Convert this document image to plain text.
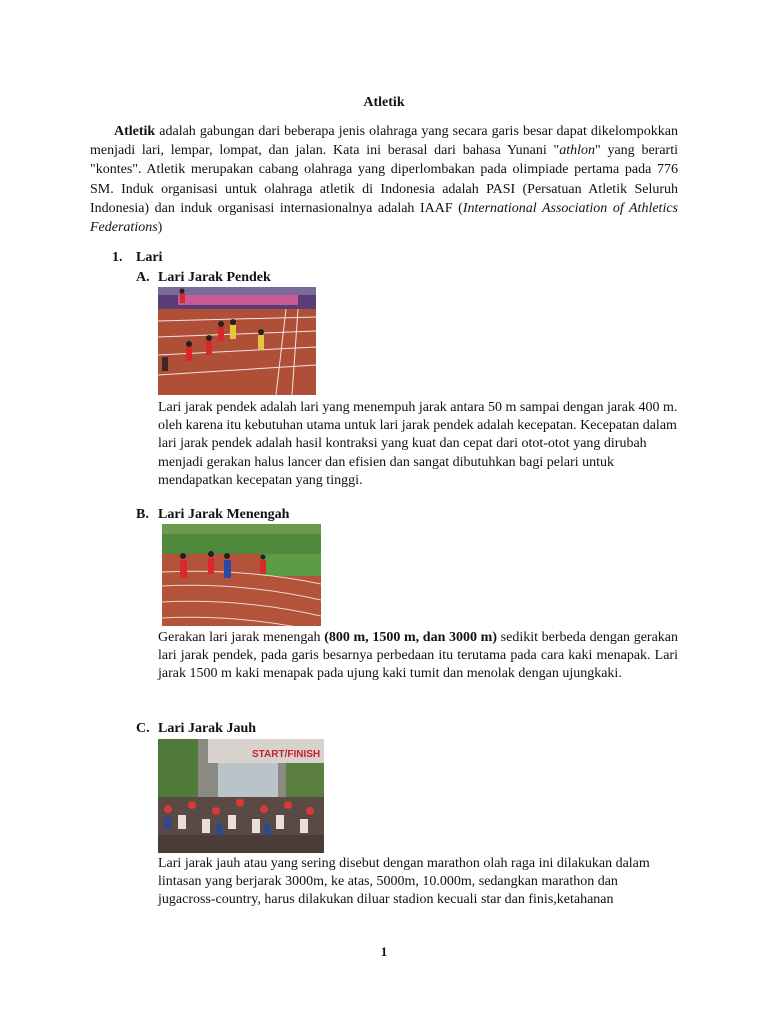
Atletik

Atletik adalah gabungan dari beberapa jenis olahraga yang secara garis besar dapat dikelompokkan menjadi lari, lempar, lompat, dan jalan. Kata ini berasal dari bahasa Yunani "athlon" yang berarti "kontes". Atletik merupakan cabang olahraga yang diperlombakan pada olimpiade pertama pada 776 SM. Induk organisasi untuk olahraga atletik di Indonesia adalah PASI (Persatuan Atletik Seluruh Indonesia) dan induk organisasi internasionalnya adalah IAAF (International Association of Athletics Federations)

1. Lari
A. Lari Jarak Pendek
Lari jarak pendek adalah lari yang menempuh jarak antara 50 m sampai dengan jarak 400 m. oleh karena itu kebutuhan utama untuk lari jarak pendek adalah kecepatan. Kecepatan dalam lari jarak pendek adalah hasil kontraksi yang kuat dan cepat dari otot-otot yang dirubah menjadi gerakan halus lancer dan efisien dan sangat dibutuhkan bagi pelari untuk mendapatkan kecepatan yang tinggi.
B. Lari Jarak Menengah
Gerakan lari jarak menengah (800 m, 1500 m, dan 3000 m) sedikit berbeda dengan gerakan lari jarak pendek, pada garis besarnya perbedaan itu terutama pada cara kaki menapak. Lari jarak 1500 m kaki menapak pada ujung kaki tumit dan menolak dengan ujungkaki.
C. Lari Jarak Jauh
START/FINISH
Lari jarak jauh atau yang sering disebut dengan marathon olah raga ini dilakukan dalam lintasan yang berjarak 3000m, ke atas, 5000m, 10.000m, sedangkan marathon dan jugacross-country, harus dilakukan diluar stadion kecuali star dan finis,ketahanan
1
